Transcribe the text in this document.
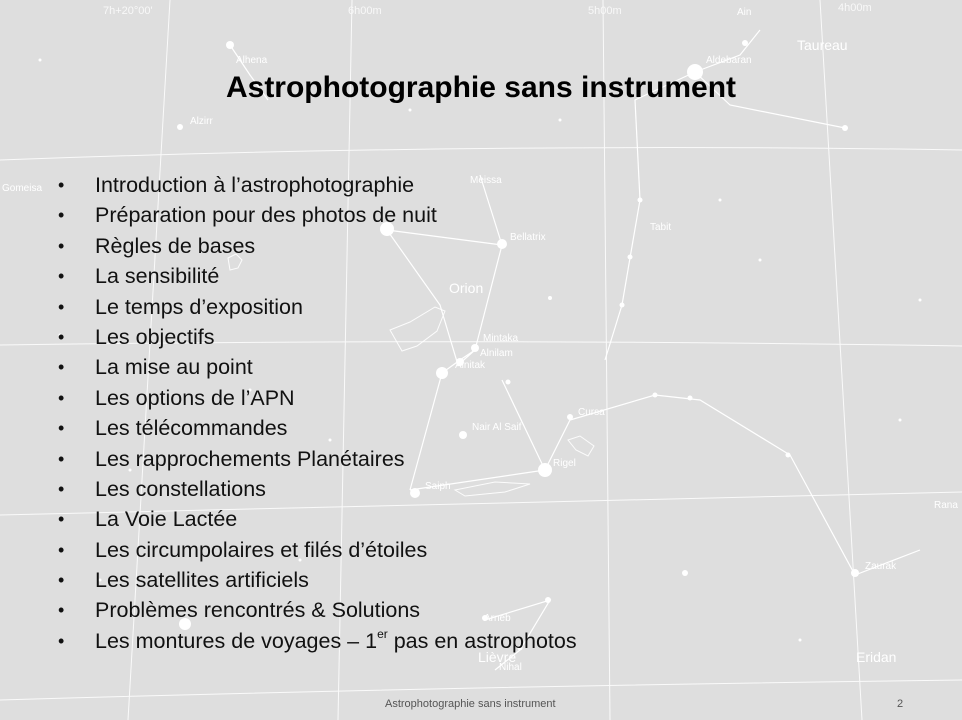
7h+20°00'	6h00m	5h00m	4h00m
Alhena
Alzirr
Aldebaran
Ain
Meissa
Bellatrix
Tabit
Mintaka
Alnilam
Alnitak
Nair Al Saif
Cursa
Rigel
Saiph
Arneb
Nihal
Zaurak
Rana
Gomeisa
Taureau
Orion
Lièvre	Eridan
Astrophotographie sans instrument
• Introduction à l’astrophotographie
• Préparation pour des photos de nuit
• Règles de bases
• La sensibilité
• Le temps d’exposition
• Les objectifs
• La mise au point
• Les options de l’APN
• Les télécommandes
• Les rapprochements Planétaires
• Les constellations
• La Voie Lactée
• Les circumpolaires et filés d’étoiles
• Les satellites artificiels
• Problèmes rencontrés & Solutions
• Les montures de voyages – 1er pas en astrophotos
Astrophotographie sans instrument	2
